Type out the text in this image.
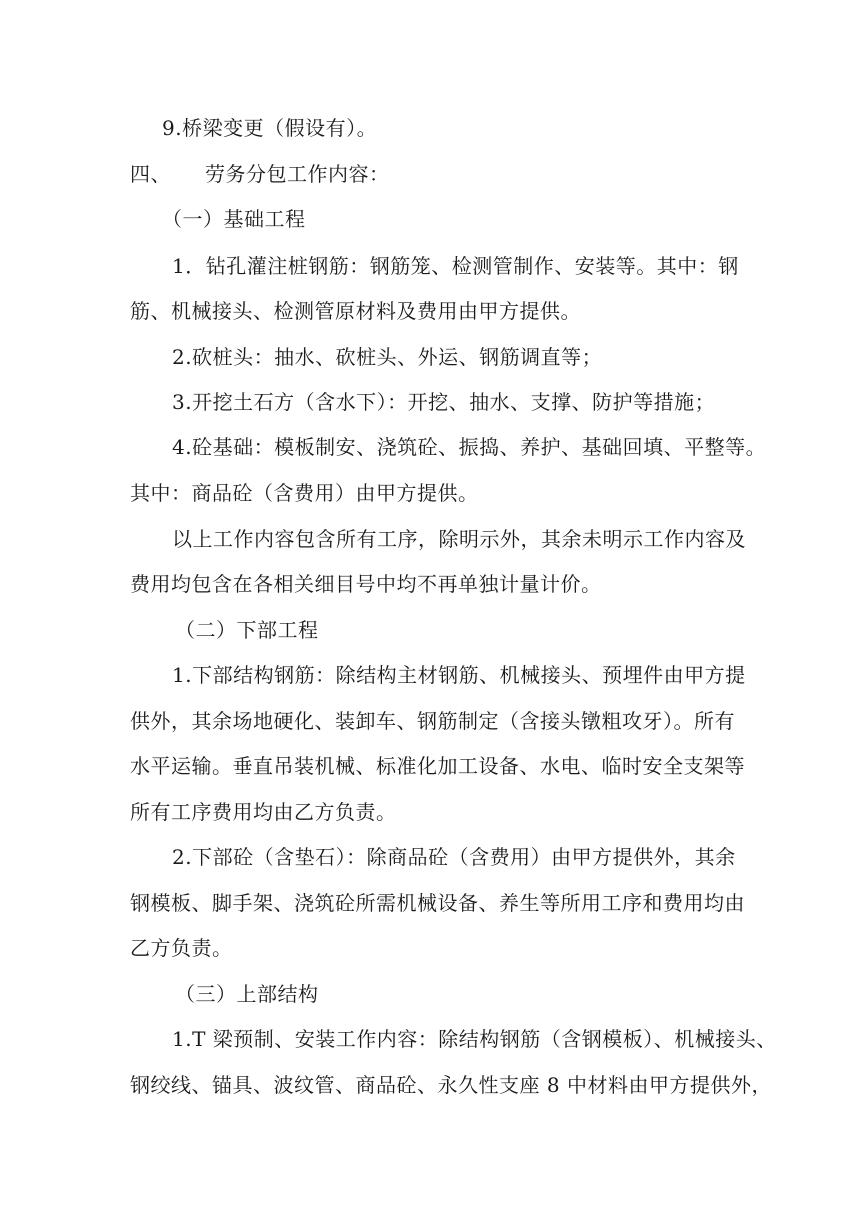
9.桥梁变更（假设有）。
四、 劳务分包工作内容：
（一）基础工程
1．钻孔灌注桩钢筋：钢筋笼、检测管制作、安装等。其中：钢
筋、机械接头、检测管原材料及费用由甲方提供。
2.砍桩头：抽水、砍桩头、外运、钢筋调直等；
3.开挖土石方（含水下）：开挖、抽水、支撑、防护等措施；
4.砼基础：模板制安、浇筑砼、振捣、养护、基础回填、平整等。
其中：商品砼（含费用）由甲方提供。
以上工作内容包含所有工序，除明示外，其余未明示工作内容及
费用均包含在各相关细目号中均不再单独计量计价。
（二）下部工程
1.下部结构钢筋：除结构主材钢筋、机械接头、预埋件由甲方提
供外，其余场地硬化、装卸车、钢筋制定（含接头镦粗攻牙）。所有
水平运输。垂直吊装机械、标准化加工设备、水电、临时安全支架等
所有工序费用均由乙方负责。
2.下部砼（含垫石）：除商品砼（含费用）由甲方提供外，其余
钢模板、脚手架、浇筑砼所需机械设备、养生等所用工序和费用均由
乙方负责。
（三）上部结构
1.T 梁预制、安装工作内容：除结构钢筋（含钢模板）、机械接头、
钢绞线、锚具、波纹管、商品砼、永久性支座 8 中材料由甲方提供外，
